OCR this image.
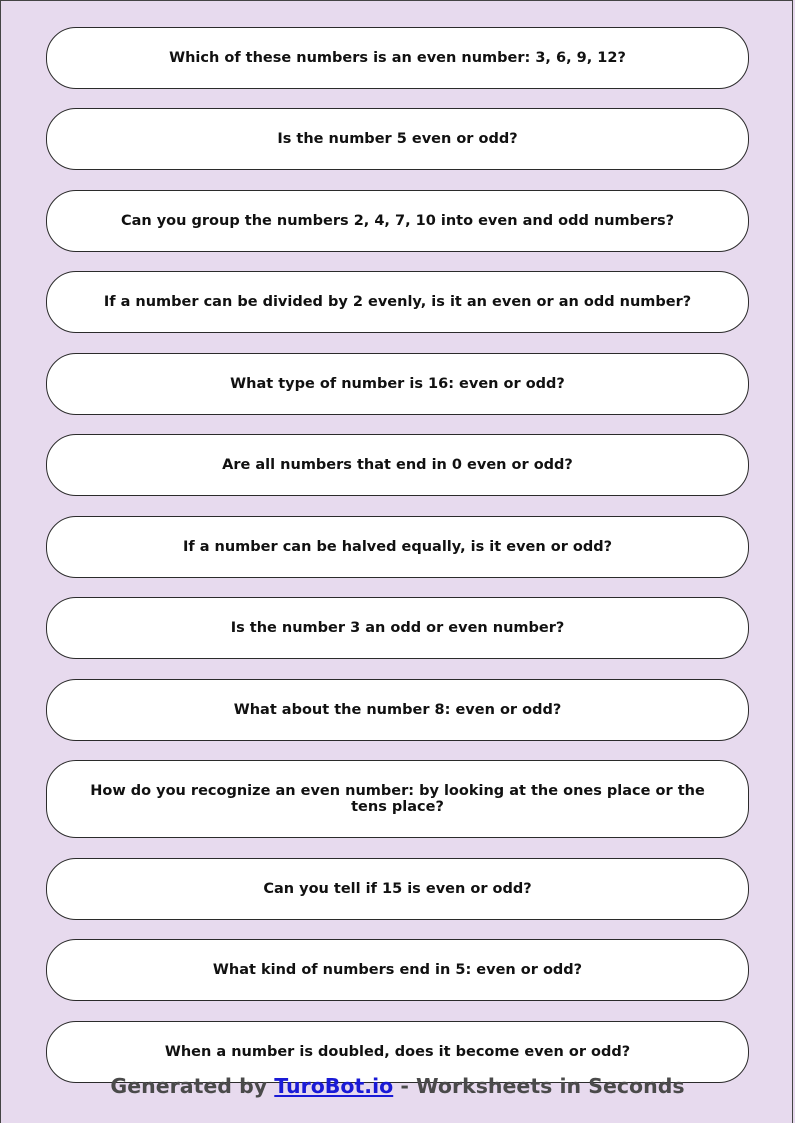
Which of these numbers is an even number: 3, 6, 9, 12?
Is the number 5 even or odd?
Can you group the numbers 2, 4, 7, 10 into even and odd numbers?
If a number can be divided by 2 evenly, is it an even or an odd number?
What type of number is 16: even or odd?
Are all numbers that end in 0 even or odd?
If a number can be halved equally, is it even or odd?
Is the number 3 an odd or even number?
What about the number 8: even or odd?
How do you recognize an even number: by looking at the ones place or the tens place?
Can you tell if 15 is even or odd?
What kind of numbers end in 5: even or odd?
When a number is doubled, does it become even or odd?
Generated by TuroBot.io - Worksheets in Seconds
